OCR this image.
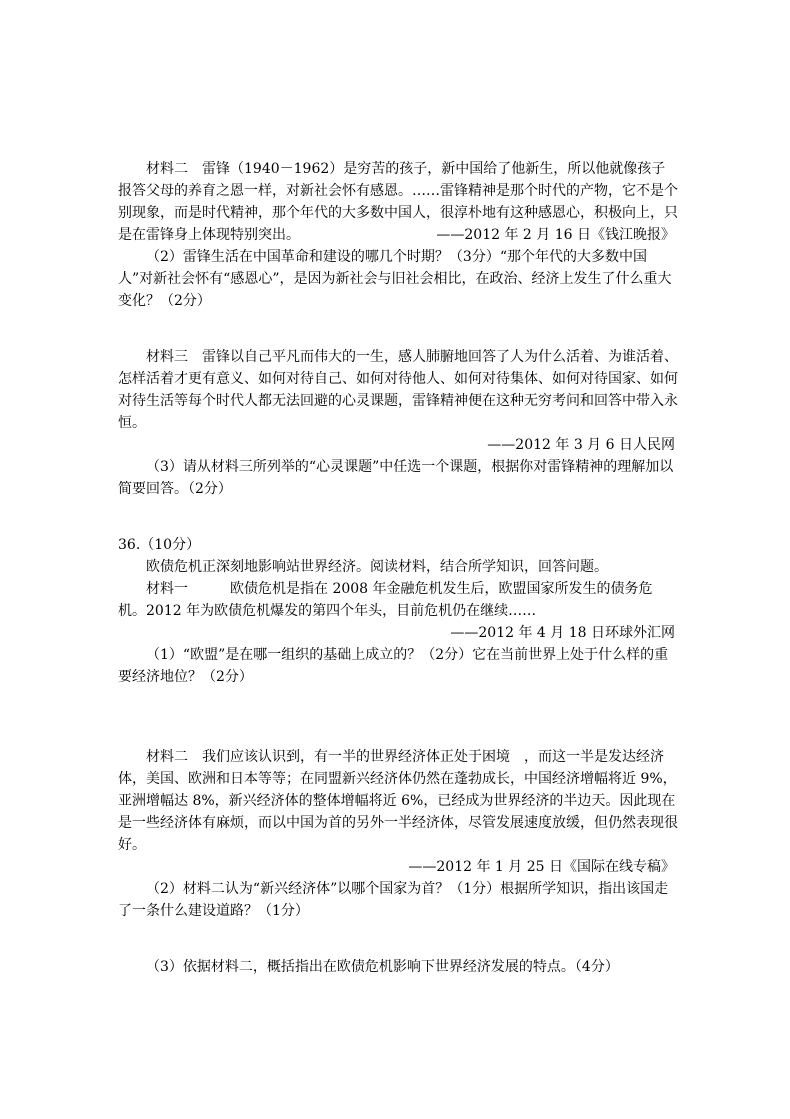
材料二　雷锋（1940－1962）是穷苦的孩子，新中国给了他新生，所以他就像孩子报答父母的养育之恩一样，对新社会怀有感恩。……雷锋精神是那个时代的产物，它不是个别现象，而是时代精神，那个年代的大多数中国人，很淳朴地有这种感恩心，积极向上，只是在雷锋身上体现特别突出。	——2012 年 2 月 16 日《钱江晚报》
（2）雷锋生活在中国革命和建设的哪几个时期？（3分）“那个年代的大多数中国人”对新社会怀有“感恩心”，是因为新社会与旧社会相比，在政治、经济上发生了什么重大变化？（2分）
材料三　雷锋以自己平凡而伟大的一生，感人肺腑地回答了人为什么活着、为谁活着、怎样活着才更有意义、如何对待自己、如何对待他人、如何对待集体、如何对待国家、如何对待生活等每个时代人都无法回避的心灵课题，雷锋精神便在这种无穷考问和回答中带入永恒。
——2012 年 3 月 6 日人民网
（3）请从材料三所列举的“心灵课题”中任选一个课题，根据你对雷锋精神的理解加以简要回答。（2分）
36.（10分）
欧债危机正深刻地影响站世界经济。阅读材料，结合所学知识，回答问题。
材料一　　　欧债危机是指在 2008 年金融危机发生后，欧盟国家所发生的债务危机。2012 年为欧债危机爆发的第四个年头，目前危机仍在继续……
——2012 年 4 月 18 日环球外汇网
（1）“欧盟”是在哪一组织的基础上成立的？（2分）它在当前世界上处于什么样的重要经济地位？（2分）
材料二　我们应该认识到，有一半的世界经济体正处于困境　，而这一半是发达经济体，美国、欧洲和日本等等；在同盟新兴经济体仍然在蓬勃成长，中国经济增幅将近 9%，亚洲增幅达 8%，新兴经济体的整体增幅将近 6%，已经成为世界经济的半边天。因此现在是一些经济体有麻烦，而以中国为首的另外一半经济体，尽管发展速度放缓，但仍然表现很好。
——2012 年 1 月 25 日《国际在线专稿》
（2）材料二认为“新兴经济体”以哪个国家为首？（1分）根据所学知识，指出该国走了一条什么建设道路？（1分）
（3）依据材料二，概括指出在欧债危机影响下世界经济发展的特点。（4分）
